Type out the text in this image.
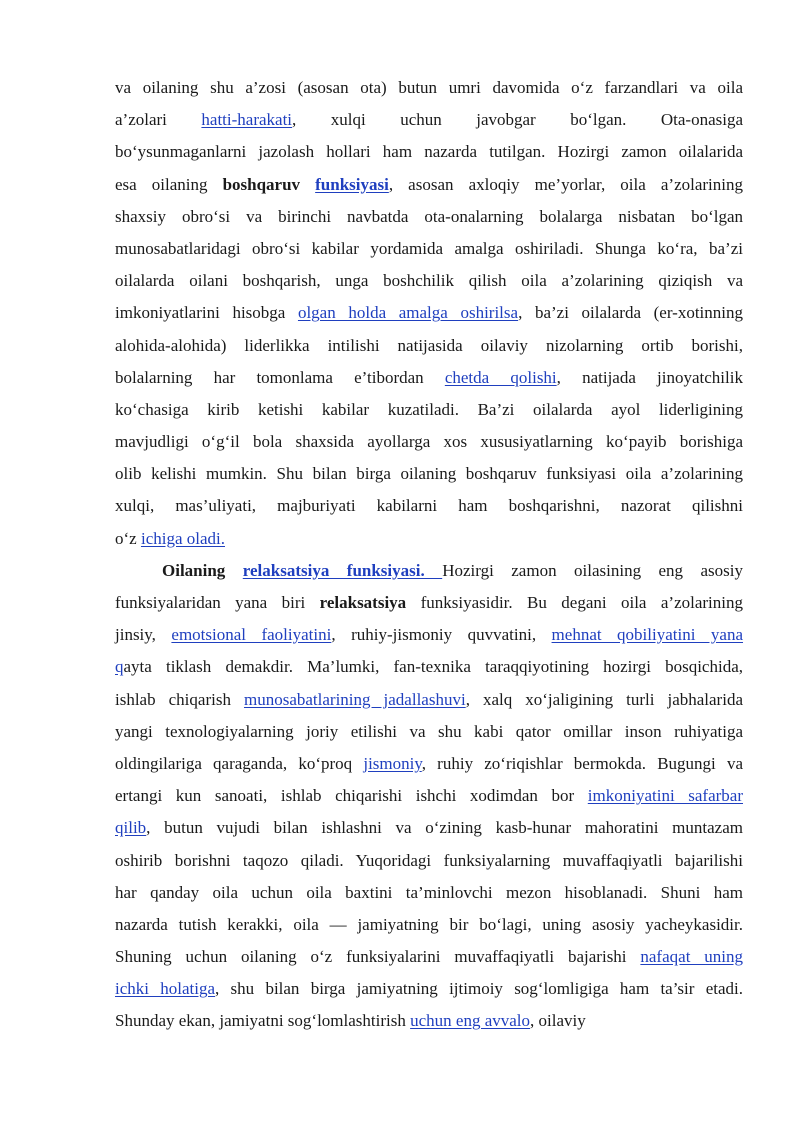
va oilaning shu a’zosi (asosan ota) butun umri davomida o‘z farzandlari va oila
a’zolari hatti-harakati, xulqi uchun javobgar bo‘lgan. Ota-onasiga
bo‘ysunmaganlarni jazolash hollari ham nazarda tutilgan. Hozirgi zamon oilalarida
esa oilaning boshqaruv funksiyasi, asosan axloqiy me’yorlar, oila a’zolarining
shaxsiy obro‘si va birinchi navbatda ota-onalarning bolalarga nisbatan bo‘lgan
munosabatlaridagi obro‘si kabilar yordamida amalga oshiriladi. Shunga ko‘ra, ba’zi
oilalarda oilani boshqarish, unga boshchilik qilish oila a’zolarining qiziqish va
imkoniyatlarini hisobga olgan holda amalga oshirilsa, ba’zi oilalarda (er-xotinning
alohida-alohida) liderlikka intilishi natijasida oilaviy nizolarning ortib borishi,
bolalarning har tomonlama e’tibordan chetda qolishi, natijada jinoyatchilik
ko‘chasiga kirib ketishi kabilar kuzatiladi. Ba’zi oilalarda ayol liderligining
mavjudligi o‘g‘il bola shaxsida ayollarga xos xususiyatlarning ko‘payib borishiga
olib kelishi mumkin. Shu bilan birga oilaning boshqaruv funksiyasi oila a’zolarining
xulqi, mas’uliyati, majburiyati kabilarni ham boshqarishni, nazorat qilishni
o‘z ichiga oladi.
Oilaning relaksatsiya funksiyasi. Hozirgi zamon oilasining eng asosiy
funksiyalaridan yana biri relaksatsiya funksiyasidir. Bu degani oila a’zolarining
jinsiy, emotsional faoliyatini, ruhiy-jismoniy quvvatini, mehnat qobiliyatini yana
qayta tiklash demakdir. Ma’lumki, fan-texnika taraqqiyotining hozirgi bosqichida,
ishlab chiqarish munosabatlarining jadallashuvi, xalq xo‘jaligining turli jabhalarida
yangi texnologiyalarning joriy etilishi va shu kabi qator omillar inson ruhiyatiga
oldingilariga qaraganda, ko‘proq jismoniy, ruhiy zo‘riqishlar bermokda. Bugungi va
ertangi kun sanoati, ishlab chiqarishi ishchi xodimdan bor imkoniyatini safarbar
qilib, butun vujudi bilan ishlashni va o‘zining kasb-hunar mahoratini muntazam
oshirib borishni taqozo qiladi. Yuqoridagi funksiyalarning muvaffaqiyatli bajarilishi
har qanday oila uchun oila baxtini ta’minlovchi mezon hisoblanadi. Shuni ham
nazarda tutish kerakki, oila — jamiyatning bir bo‘lagi, uning asosiy yacheykasidir.
Shuning uchun oilaning o‘z funksiyalarini muvaffaqiyatli bajarishi nafaqat uning
ichki holatiga, shu bilan birga jamiyatning ijtimoiy sog‘lomligiga ham ta’sir etadi.
Shunday ekan, jamiyatni sog‘lomlashtirish uchun eng avvalo, oilaviy
